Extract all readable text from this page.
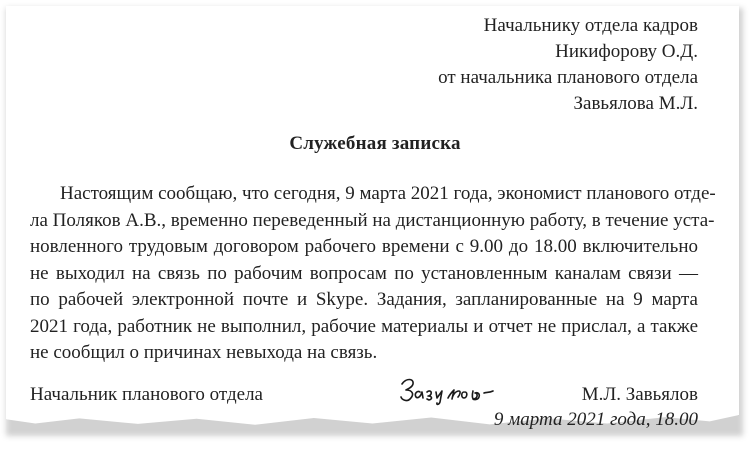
Начальнику отдела кадров
Никифорову О.Д.
от начальника планового отдела
Завьялова М.Л.
Служебная записка
Настоящим сообщаю, что сегодня, 9 марта 2021 года, экономист планового отде-
ла Поляков А.В., временно переведенный на дистанционную работу, в течение уста-
новленного трудовым договором рабочего времени с 9.00 до 18.00 включительно
не выходил на связь по рабочим вопросам по установленным каналам связи —
по рабочей электронной почте и Skype. Задания, запланированные на 9 марта
2021 года, работник не выполнил, рабочие материалы и отчет не прислал, а также
не сообщил о причинах невыхода на связь.
Начальник планового отдела	М.Л. Завьялов
9 марта 2021 года, 18.00
